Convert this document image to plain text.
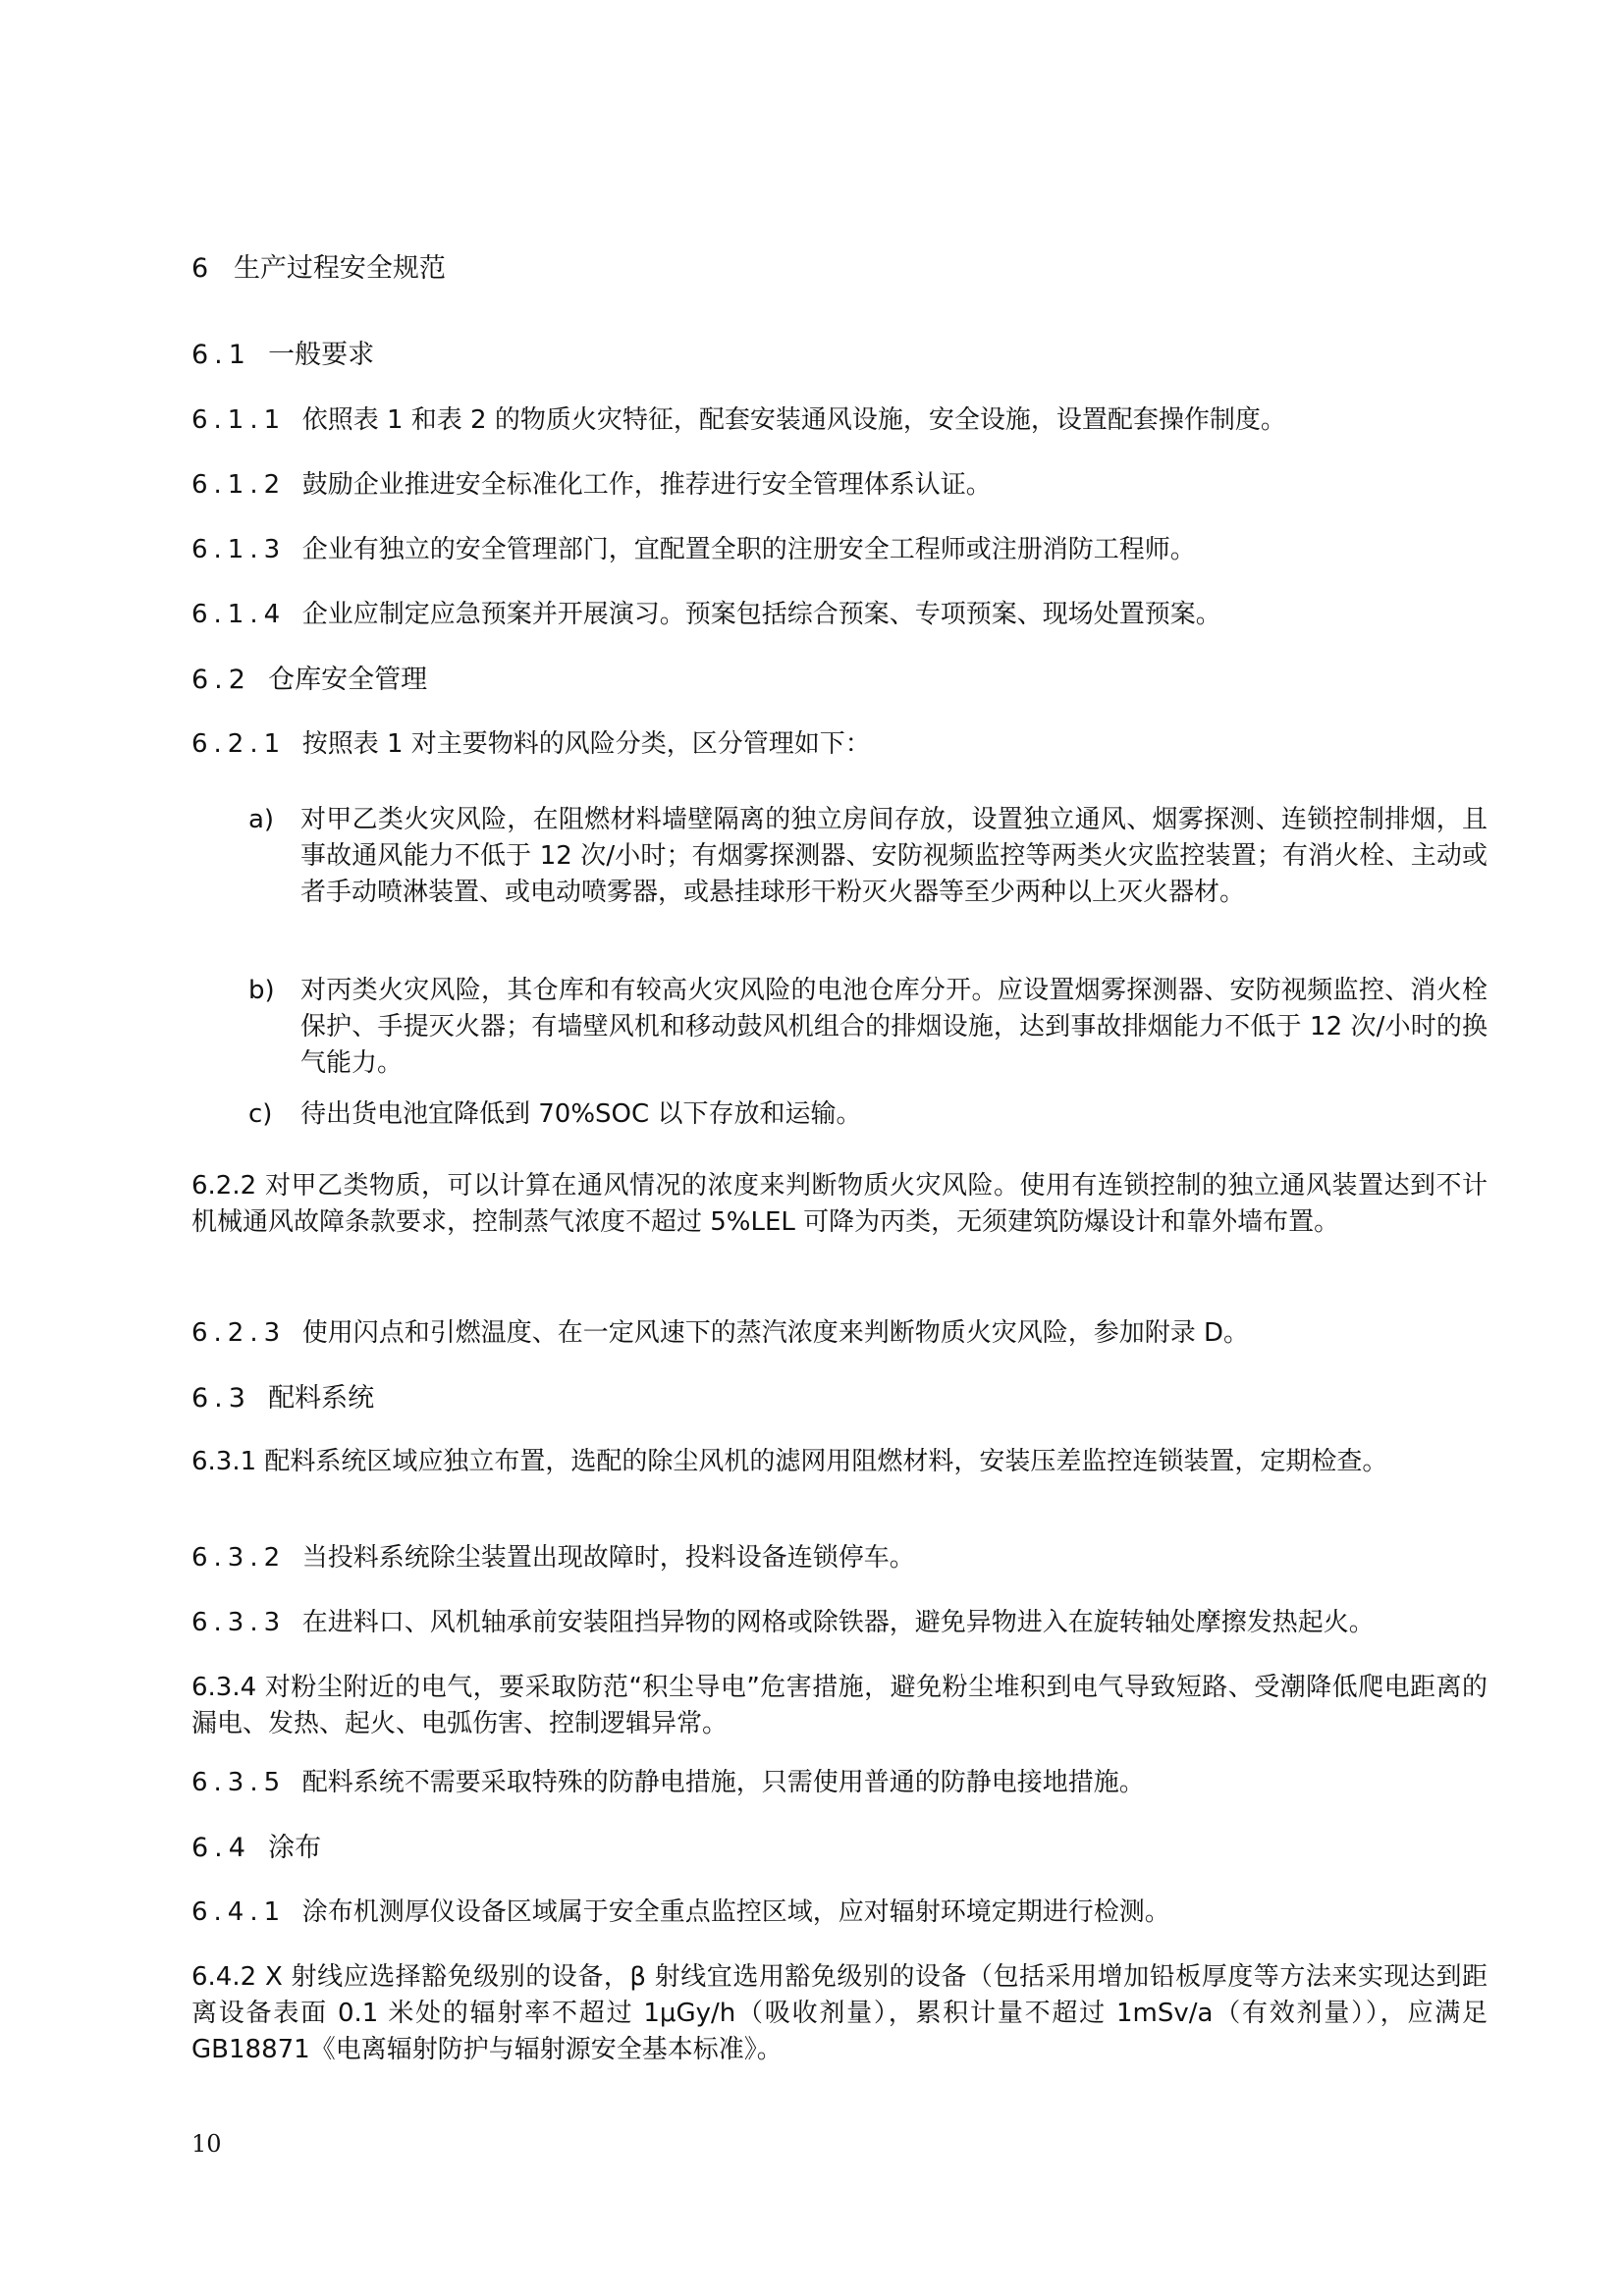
6 生产过程安全规范
6.1 一般要求
6.1.1 依照表 1 和表 2 的物质火灾特征，配套安装通风设施，安全设施，设置配套操作制度。
6.1.2 鼓励企业推进安全标准化工作，推荐进行安全管理体系认证。
6.1.3 企业有独立的安全管理部门，宜配置全职的注册安全工程师或注册消防工程师。
6.1.4 企业应制定应急预案并开展演习。预案包括综合预案、专项预案、现场处置预案。
6.2 仓库安全管理
6.2.1 按照表 1 对主要物料的风险分类，区分管理如下：
a) 对甲乙类火灾风险，在阻燃材料墙壁隔离的独立房间存放，设置独立通风、烟雾探测、连锁控制排烟，且事故通风能力不低于 12 次/小时；有烟雾探测器、安防视频监控等两类火灾监控装置；有消火栓、主动或者手动喷淋装置、或电动喷雾器，或悬挂球形干粉灭火器等至少两种以上灭火器材。
b) 对丙类火灾风险，其仓库和有较高火灾风险的电池仓库分开。应设置烟雾探测器、安防视频监控、消火栓保护、手提灭火器；有墙壁风机和移动鼓风机组合的排烟设施，达到事故排烟能力不低于 12 次/小时的换气能力。
c) 待出货电池宜降低到 70%SOC 以下存放和运输。
6.2.2 对甲乙类物质，可以计算在通风情况的浓度来判断物质火灾风险。使用有连锁控制的独立通风装置达到不计机械通风故障条款要求，控制蒸气浓度不超过 5%LEL 可降为丙类，无须建筑防爆设计和靠外墙布置。
6.2.3 使用闪点和引燃温度、在一定风速下的蒸汽浓度来判断物质火灾风险，参加附录 D。
6.3 配料系统
6.3.1 配料系统区域应独立布置，选配的除尘风机的滤网用阻燃材料，安装压差监控连锁装置，定期检查。
6.3.2 当投料系统除尘装置出现故障时，投料设备连锁停车。
6.3.3 在进料口、风机轴承前安装阻挡异物的网格或除铁器，避免异物进入在旋转轴处摩擦发热起火。
6.3.4 对粉尘附近的电气，要采取防范“积尘导电”危害措施，避免粉尘堆积到电气导致短路、受潮降低爬电距离的漏电、发热、起火、电弧伤害、控制逻辑异常。
6.3.5 配料系统不需要采取特殊的防静电措施，只需使用普通的防静电接地措施。
6.4 涂布
6.4.1 涂布机测厚仪设备区域属于安全重点监控区域，应对辐射环境定期进行检测。
6.4.2 X 射线应选择豁免级别的设备，β 射线宜选用豁免级别的设备（包括采用增加铅板厚度等方法来实现达到距离设备表面 0.1 米处的辐射率不超过 1μGy/h（吸收剂量），累积计量不超过 1mSv/a（有效剂量）），应满足 GB18871《电离辐射防护与辐射源安全基本标准》。
10
